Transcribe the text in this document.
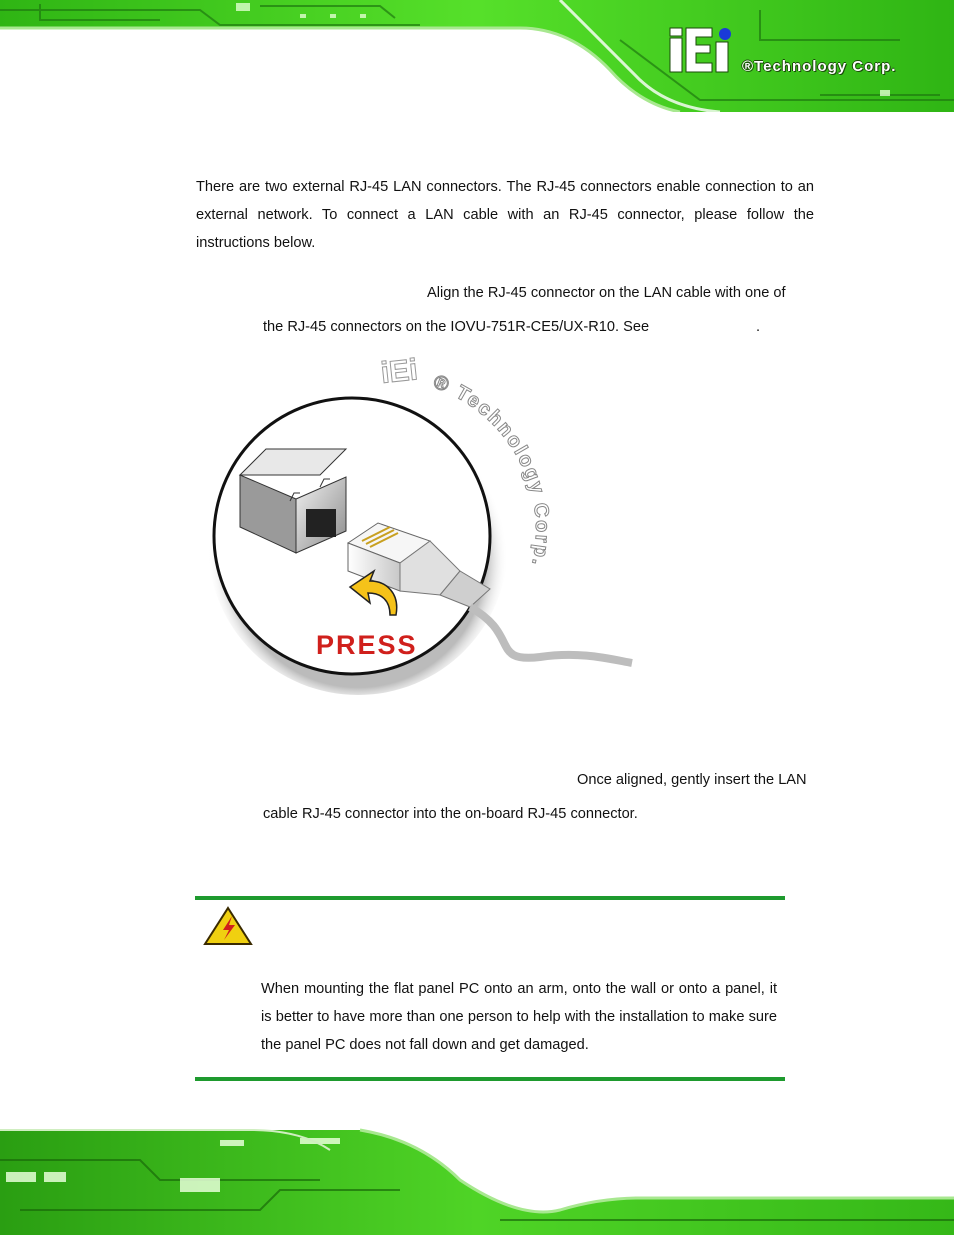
®Technology Corp.
There are two external RJ-45 LAN connectors. The RJ-45 connectors enable connection to an external network. To connect a LAN cable with an RJ-45 connector, please follow the instructions below.
Align the RJ-45 connector on the LAN cable with one of
the RJ-45 connectors on the IOVU-751R-CE5/UX-R10. See	.
PRESS
iEi ® Technology Corp.
Once aligned, gently insert the LAN
cable RJ-45 connector into the on-board RJ-45 connector.
When mounting the flat panel PC onto an arm, onto the wall or onto a panel, it is better to have more than one person to help with the installation to make sure the panel PC does not fall down and get damaged.
